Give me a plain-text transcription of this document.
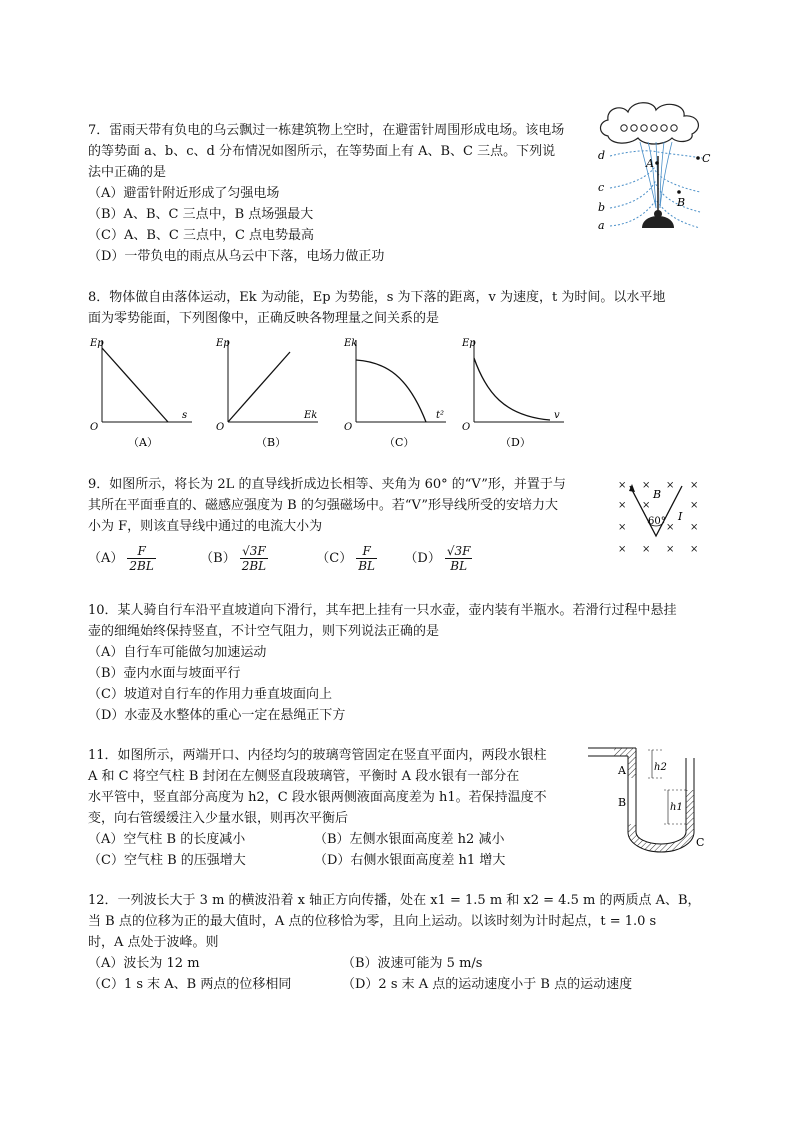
7．雷雨天带有负电的乌云飘过一栋建筑物上空时，在避雷针周围形成电场。该电场

的等势面 a、b、c、d 分布情况如图所示，在等势面上有 A、B、C 三点。下列说

法中正确的是

（A）避雷针附近形成了匀强电场

（B）A、B、C 三点中，B 点场强最大

（C）A、B、C 三点中，C 点电势最高

（D）一带负电的雨点从乌云中下落，电场力做正功

d
c
b
a
A
B
C

8．物体做自由落体运动，Ek 为动能，Ep 为势能，s 为下落的距离，v 为速度，t 为时间。以水平地

面为零势能面，下列图像中，正确反映各物理量之间关系的是

Ep
s
O
（A）
Ep
Ek
O
（B）
Ek
t²
O
（C）
Ep
v
O
（D）

9．如图所示，将长为 2L 的直导线折成边长相等、夹角为 60° 的“V”形，并置于与

其所在平面垂直的、磁感应强度为 B 的匀强磁场中。若“V”形导线所受的安培力大

小为 F，则该直导线中通过的电流大小为

$(A) \frac{F}{2BL}$	$(B) \frac{√3F}{2BL}$	$(C) \frac{F}{BL} (D) \frac{√3F}{BL}$
× × × ×
× ×	×
×	× ×
× × × ×
60°
B
I

10．某人骑自行车沿平直坡道向下滑行，其车把上挂有一只水壶，壶内装有半瓶水。若滑行过程中悬挂

壶的细绳始终保持竖直，不计空气阻力，则下列说法正确的是

（A）自行车可能做匀加速运动

（B）壶内水面与坡面平行

（C）坡道对自行车的作用力垂直坡面向上

（D）水壶及水整体的重心一定在悬绳正下方

11．如图所示，两端开口、内径均匀的玻璃弯管固定在竖直平面内，两段水银柱

A 和 C 将空气柱 B 封闭在左侧竖直段玻璃管，平衡时 A 段水银有一部分在

水平管中，竖直部分高度为 h2，C 段水银两侧液面高度差为 h1。若保持温度不

变，向右管缓缓注入少量水银，则再次平衡后

（A）空气柱 B 的长度减小	（B）左侧水银面高度差 h2 减小
（C）空气柱 B 的压强增大	（D）右侧水银面高度差 h1 增大
A
B
C
h2
h1

12．一列波长大于 3 m 的横波沿着 x 轴正方向传播，处在 x1 = 1.5 m 和 x2 = 4.5 m 的两质点 A、B，

当 B 点的位移为正的最大值时，A 点的位移恰为零，且向上运动。以该时刻为计时起点，t = 1.0 s

时，A 点处于波峰。则

（A）波长为 12 m	（B）波速可能为 5 m/s
（C）1 s 末 A、B 两点的位移相同	（D）2 s 末 A 点的运动速度小于 B 点的运动速度
